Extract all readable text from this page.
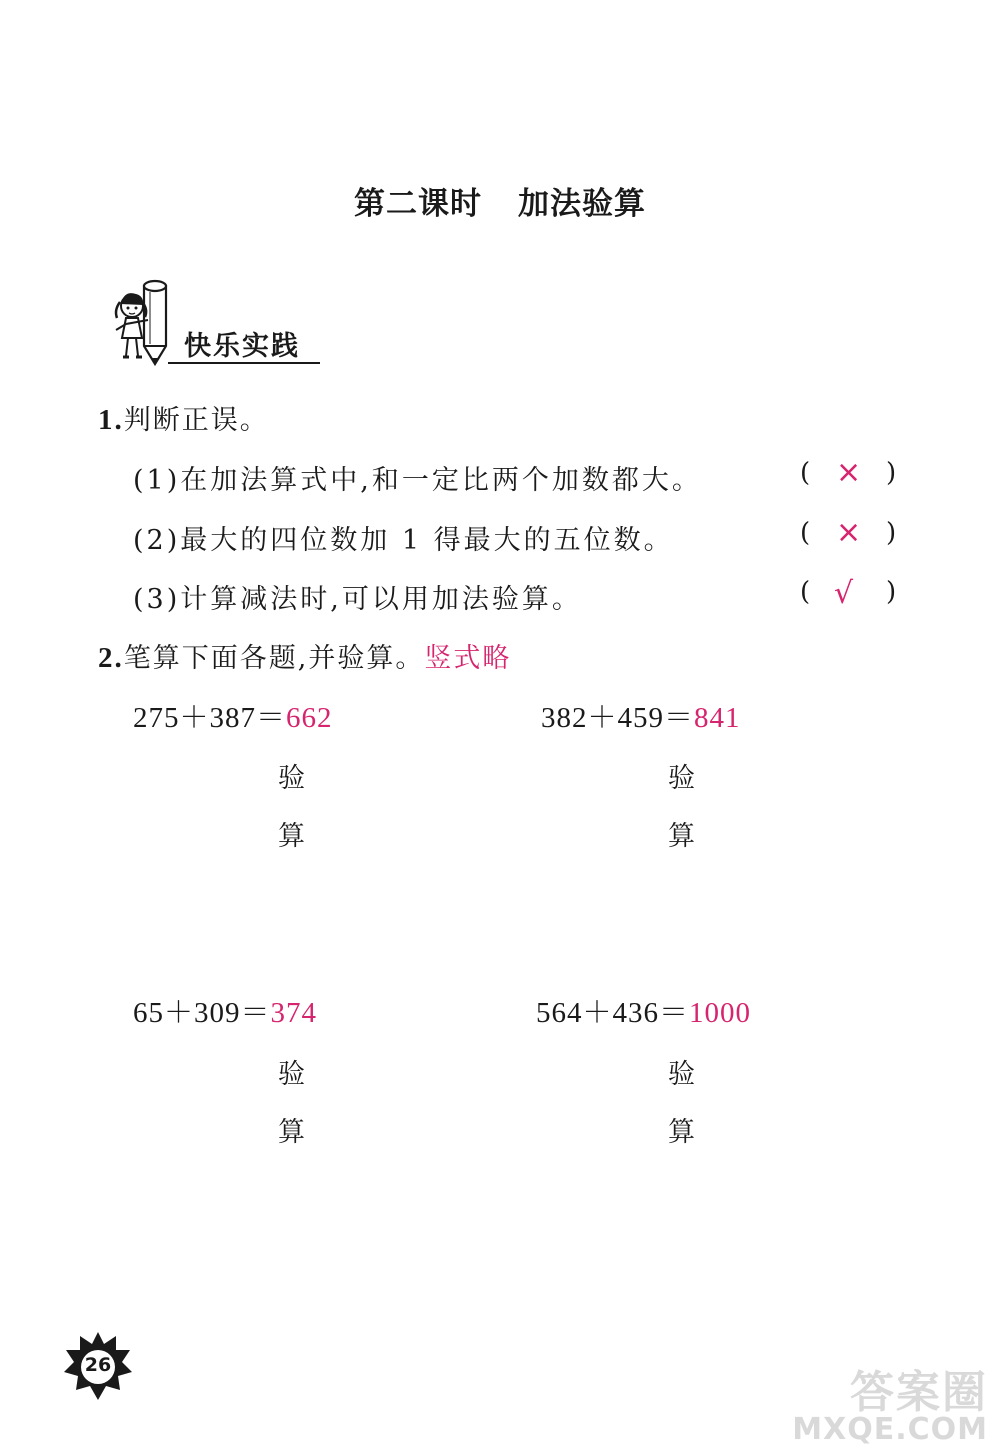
第二课时 加法验算
快乐实践
1.判断正误。
(1)在加法算式中,和一定比两个加数都大。	( × )
(2)最大的四位数加 1 得最大的五位数。	( × )
(3)计算减法时,可以用加法验算。	( √ )
2.笔算下面各题,并验算。竖式略
275＋387＝662
验
算
382＋459＝841
验
算
65＋309＝374
验
算
564＋436＝1000
验
算
26
答案圈
MXQE.COM
